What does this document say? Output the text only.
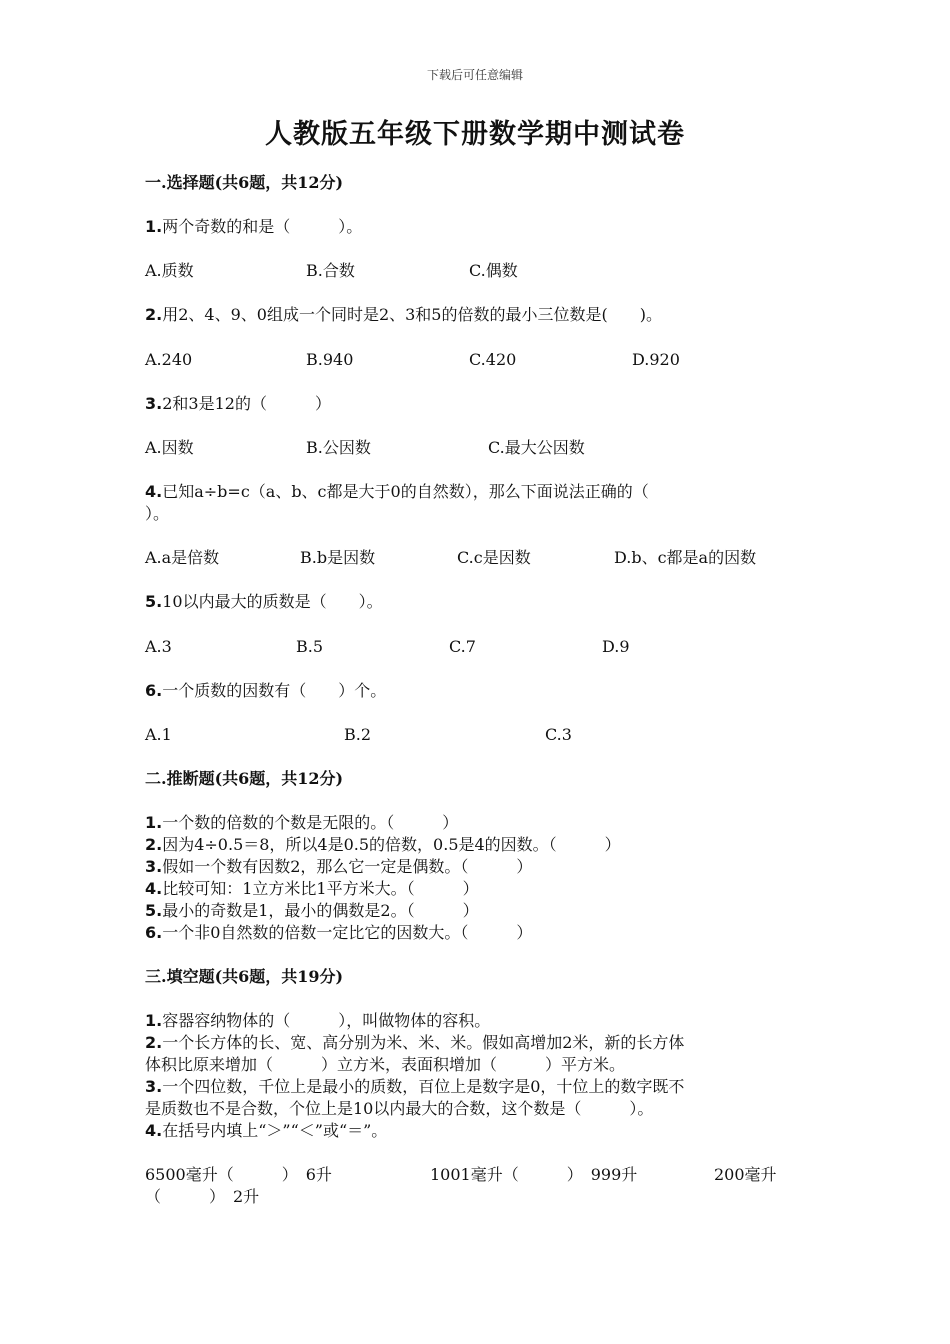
下载后可任意编辑
人教版五年级下册数学期中测试卷
一.选择题(共6题，共12分)
1.两个奇数的和是（　　　）。
A.质数	B.合数	C.偶数
2.用2、4、9、0组成一个同时是2、3和5的倍数的最小三位数是(　　)。
A.240	B.940	C.420	D.920
3.2和3是12的（　　　）
A.因数	B.公因数	C.最大公因数
4.已知a÷b=c（a、b、c都是大于0的自然数），那么下面说法正确的（
）。
A.a是倍数	B.b是因数	C.c是因数	D.b、c都是a的因数
5.10以内最大的质数是（　　）。
A.3	B.5	C.7	D.9
6.一个质数的因数有（　　）个。
A.1	B.2	C.3
二.推断题(共6题，共12分)
1.一个数的倍数的个数是无限的。（　　　）
2.因为4÷0.5＝8，所以4是0.5的倍数，0.5是4的因数。（　　　）
3.假如一个数有因数2，那么它一定是偶数。（　　　）
4.比较可知：1立方米比1平方米大。（　　　）
5.最小的奇数是1，最小的偶数是2。（　　　）
6.一个非0自然数的倍数一定比它的因数大。（　　　）
三.填空题(共6题，共19分)
1.容器容纳物体的（　　　），叫做物体的容积。
2.一个长方体的长、宽、高分别为米、米、米。假如高增加2米，新的长方体
体积比原来增加（　　　）立方米，表面积增加（　　　）平方米。
3.一个四位数，千位上是最小的质数，百位上是数字是0，十位上的数字既不
是质数也不是合数，个位上是10以内最大的合数，这个数是（　　　）。
4.在括号内填上“＞”“＜”或“＝”。
6500毫升（　　　）　6升	1001毫升（　　　）　999升	200毫升
（　　　）　2升
